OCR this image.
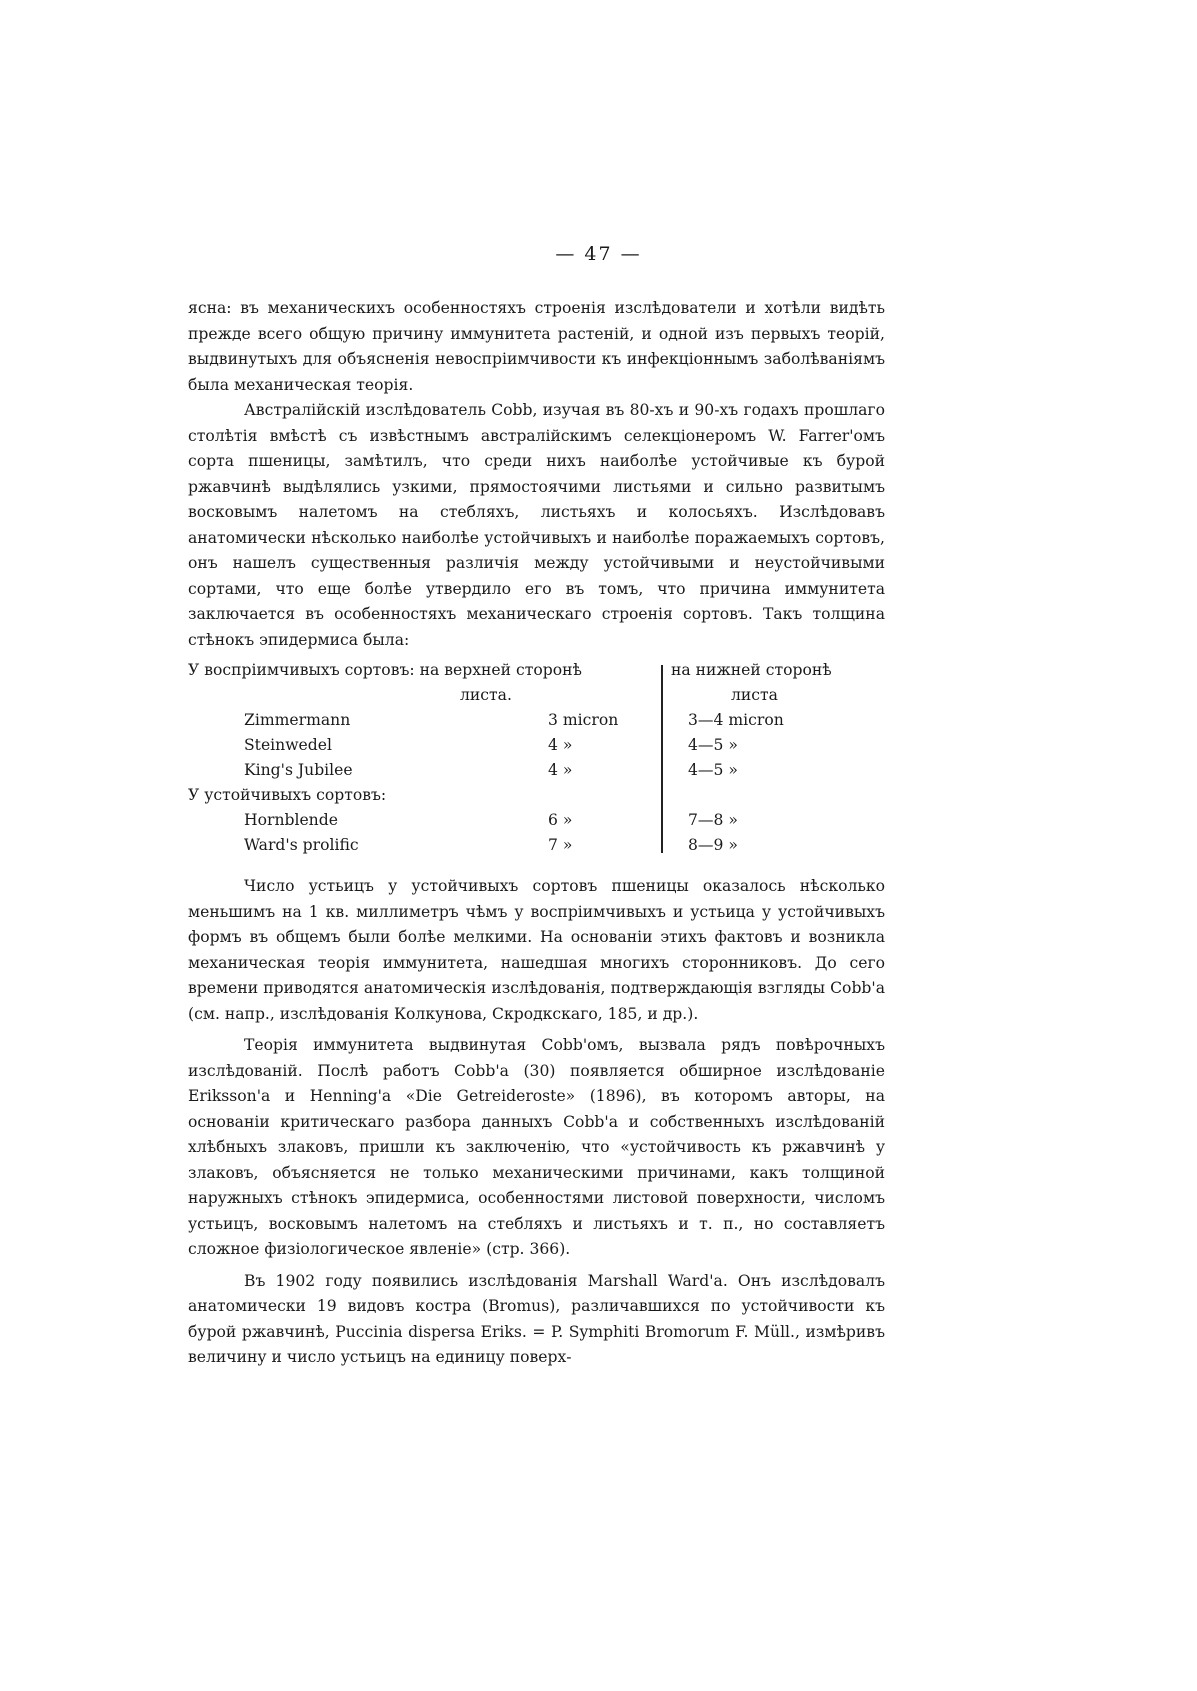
— 47 —

ясна: въ механическихъ особенностяхъ строенія изслѣдователи и хотѣли видѣть прежде всего общую причину иммунитета растеній, и одной изъ первыхъ теорій, выдвинутыхъ для объясненія невоспріимчивости къ инфекціоннымъ заболѣваніямъ была механическая теорія.

Австралійскій изслѣдователь Cobb, изучая въ 80-хъ и 90-хъ годахъ прошлаго столѣтія вмѣстѣ съ извѣстнымъ австралійскимъ селекціонеромъ W. Farrer'омъ сорта пшеницы, замѣтилъ, что среди нихъ наиболѣе устойчивые къ бурой ржавчинѣ выдѣлялись узкими, прямостоячими листьями и сильно развитымъ восковымъ налетомъ на стебляхъ, листьяхъ и колосьяхъ. Изслѣдовавъ анатомически нѣсколько наиболѣе устойчивыхъ и наиболѣе поражаемыхъ сортовъ, онъ нашелъ существенныя различія между устойчивыми и неустойчивыми сортами, что еще болѣе утвердило его въ томъ, что причина иммунитета заключается въ особенностяхъ механическаго строенія сортовъ. Такъ толщина стѣнокъ эпидермиса была:

У воспріимчивыхъ сортовъ: на верхней сторонѣ
листа.
на нижней сторонѣ
листа
Zimmermann	3 micron	3—4 micron
Steinwedel	4 »	4—5 »
King's Jubilee	4 »	4—5 »
У устойчивыхъ сортовъ:
Hornblende	6 »	7—8 »
Ward's prolific	7 »	8—9 »

Число устьицъ у устойчивыхъ сортовъ пшеницы оказалось нѣсколько меньшимъ на 1 кв. миллиметръ чѣмъ у воспріимчивыхъ и устьица у устойчивыхъ формъ въ общемъ были болѣе мелкими. На основаніи этихъ фактовъ и возникла механическая теорія иммунитета, нашедшая многихъ сторонниковъ. До сего времени приводятся анатомическія изслѣдованія, подтверждающія взгляды Cobb'а (см. напр., изслѣдованія Колкунова, Скродкскаго, 185, и др.).

Теорія иммунитета выдвинутая Cobb'омъ, вызвала рядъ повѣрочныхъ изслѣдованій. Послѣ работъ Cobb'а (30) появляется обширное изслѣдованіе Eriksson'а и Henning'а «Die Getreideroste» (1896), въ которомъ авторы, на основаніи критическаго разбора данныхъ Cobb'а и собственныхъ изслѣдованій хлѣбныхъ злаковъ, пришли къ заключенію, что «устойчивость къ ржавчинѣ у злаковъ, объясняется не только механическими причинами, какъ толщиной наружныхъ стѣнокъ эпидермиса, особенностями листовой поверхности, числомъ устьицъ, восковымъ налетомъ на стебляхъ и листьяхъ и т. п., но составляетъ сложное физіологическое явленіе» (стр. 366).

Въ 1902 году появились изслѣдованія Marshall Ward'а. Онъ изслѣдовалъ анатомически 19 видовъ костра (Bromus), различавшихся по устойчивости къ бурой ржавчинѣ, Puccinia dispersa Eriks. = P. Symphiti Bromorum F. Müll., измѣривъ величину и число устьицъ на единицу поверх-
